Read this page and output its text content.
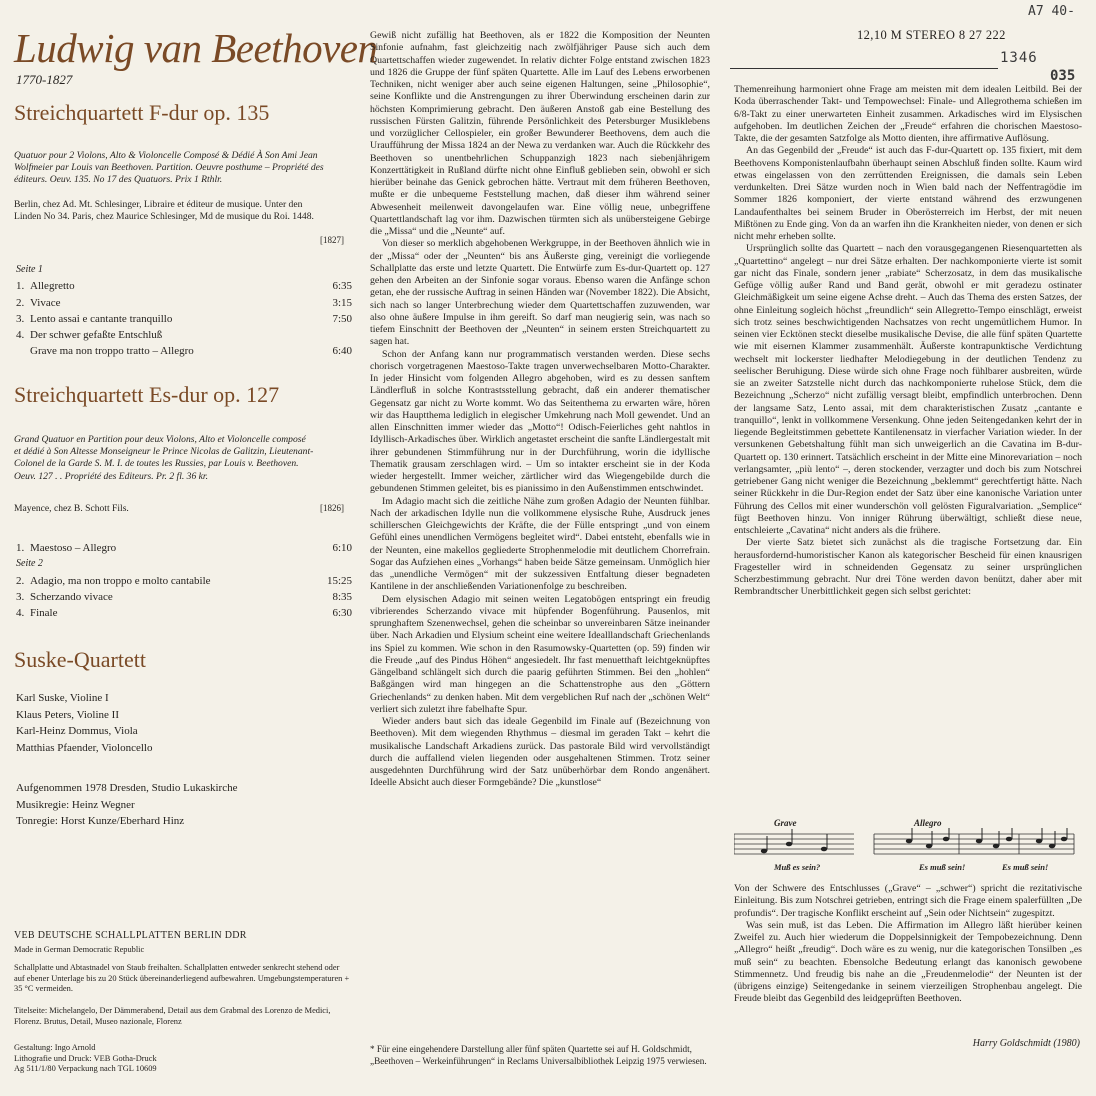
Ludwig van Beethoven
1770-1827
Streichquartett F-dur op. 135
Quatuor pour 2 Violons, Alto & Violoncelle Composé & Dédié À Son Ami Jean Wolfmeier par Louis van Beethoven. Partition. Oeuvre posthume – Propriété des éditeurs. Oeuv. 135. No 17 des Quatuors. Prix 1 Rthlr.
Berlin, chez Ad. Mt. Schlesinger, Libraire et éditeur de musique. Unter den Linden No 34. Paris, chez Maurice Schlesinger, Md de musique du Roi. 1448.
[1827]
Seite 1
1. Allegretto	6:35
2. Vivace	3:15
3. Lento assai e cantante tranquillo	7:50
4. Der schwer gefaßte Entschluß
Grave ma non troppo tratto – Allegro	6:40
Streichquartett Es-dur op. 127
Grand Quatuor en Partition pour deux Violons, Alto et Violoncelle composé et dédié à Son Altesse Monseigneur le Prince Nicolas de Galitzin, Lieutenant-Colonel de la Garde S. M. I. de toutes les Russies, par Louis v. Beethoven. Oeuv. 127 . . Propriété des Editeurs. Pr. 2 fl. 36 kr.
Mayence, chez B. Schott Fils.	[1826]
1. Maestoso – Allegro	6:10
Seite 2
2. Adagio, ma non troppo e molto cantabile	15:25
3. Scherzando vivace	8:35
4. Finale	6:30
Suske-Quartett
Karl Suske, Violine I
Klaus Peters, Violine II
Karl-Heinz Dommus, Viola
Matthias Pfaender, Violoncello
Aufgenommen 1978 Dresden, Studio Lukaskirche
Musikregie: Heinz Wegner
Tonregie: Horst Kunze/Eberhard Hinz
VEB DEUTSCHE SCHALLPLATTEN BERLIN DDR
Made in German Democratic Republic
Schallplatte und Abtastnadel von Staub freihalten. Schallplatten entweder senkrecht stehend oder auf ebener Unterlage bis zu 20 Stück übereinanderliegend aufbewahren. Umgebungstemperaturen + 35 °C vermeiden.
Titelseite: Michelangelo, Der Dämmerabend, Detail aus dem Grabmal des Lorenzo de Medici, Florenz. Brutus, Detail, Museo nazionale, Florenz
Gestaltung: Ingo Arnold
Lithografie und Druck: VEB Gotha-Druck
Ag 511/1/80 Verpackung nach TGL 10609

Gewiß nicht zufällig hat Beethoven, als er 1822 die Komposition der Neunten Sinfonie aufnahm, fast gleichzeitig nach zwölfjähriger Pause sich auch dem Quartettschaffen wieder zugewendet. In relativ dichter Folge entstand zwischen 1823 und 1826 die Gruppe der fünf späten Quartette. Alle im Lauf des Lebens erworbenen Techniken, nicht weniger aber auch seine eigenen Haltungen, seine „Philosophie“, seine Konflikte und die Anstrengungen zu ihrer Überwindung erscheinen darin zur höchsten Komprimierung gebracht. Den äußeren Anstoß gab eine Bestellung des russischen Fürsten Galitzin, führende Persönlichkeit des Petersburger Musiklebens und vorzüglicher Cellospieler, ein großer Bewunderer Beethovens, dem auch die Uraufführung der Missa 1824 an der Newa zu verdanken war. Auch die Rückkehr des Beethoven so unentbehrlichen Schuppanzigh 1823 nach siebenjährigem Konzerttätigkeit in Rußland dürfte nicht ohne Einfluß geblieben sein, obwohl er sich hierüber beinahe das Genick gebrochen hätte. Vertraut mit dem früheren Beethoven, mußte er die unbequeme Feststellung machen, daß dieser ihm während seiner Abwesenheit meilenweit davongelaufen war. Eine völlig neue, unbegriffene Quartettlandschaft lag vor ihm. Dazwischen türmten sich als unübersteigene Gebirge die „Missa“ und die „Neunte“ auf.

Von dieser so merklich abgehobenen Werkgruppe, in der Beethoven ähnlich wie in der „Missa“ oder der „Neunten“ bis ans Äußerste ging, vereinigt die vorliegende Schallplatte das erste und letzte Quartett. Die Entwürfe zum Es-dur-Quartett op. 127 gehen den Arbeiten an der Sinfonie sogar voraus. Ebenso waren die Anfänge schon getan, ehe der russische Auftrag in seinen Händen war (November 1822). Die Absicht, sich nach so langer Unterbrechung wieder dem Quartettschaffen zuzuwenden, war also ohne äußere Impulse in ihm gereift. So darf man neugierig sein, was nach so tiefem Einschnitt der Beethoven der „Neunten“ in seinem ersten Streichquartett zu sagen hat.

Schon der Anfang kann nur programmatisch verstanden werden. Diese sechs chorisch vorgetragenen Maestoso-Takte tragen unverwechselbaren Motto-Charakter. In jeder Hinsicht vom folgenden Allegro abgehoben, wird es zu dessen sanftem Ländlerfluß in solche Kontrastsstellung gebracht, daß ein anderer thematischer Gegensatz gar nicht zu Worte kommt. Wo das Seitenthema zu erwarten wäre, hören wir das Hauptthema lediglich in elegischer Umkehrung nach Moll gewendet. Und an allen Einschnitten immer wieder das „Motto“! Odisch-Feierliches geht nahtlos in Idyllisch-Arkadisches über. Wirklich angetastet erscheint die sanfte Ländlergestalt mit ihrer gebundenen Stimmführung nur in der Durchführung, worin die idyllische Thematik grausam zerschlagen wird. – Um so intakter erscheint sie in der Koda wieder hergestellt. Immer weicher, zärtlicher wird das Wiegengebilde durch die gebundenen Stimmen geleitet, bis es pianissimo in den Außenstimmen entschwindet.

Im Adagio macht sich die zeitliche Nähe zum großen Adagio der Neunten fühlbar. Nach der arkadischen Idylle nun die vollkommene elysische Ruhe, Ausdruck jenes schillerschen Gleichgewichts der Kräfte, die der Fülle entspringt „und von einem Gefühl eines unendlichen Vermögens begleitet wird“. Dabei entsteht, ebenfalls wie in der Neunten, eine makellos gegliederte Strophenmelodie mit deutlichem Chorrefrain. Sogar das Aufziehen eines „Vorhangs“ haben beide Sätze gemeinsam. Unmöglich hier das „unendliche Vermögen“ mit der sukzessiven Entfaltung dieser begnadeten Kantilene in der anschließenden Variationenfolge zu beschreiben.

Dem elysischen Adagio mit seinen weiten Legatobögen entspringt ein freudig vibrierendes Scherzando vivace mit hüpfender Bogenführung. Pausenlos, mit sprunghaftem Szenenwechsel, gehen die scheinbar so unvereinbaren Sätze ineinander über. Nach Arkadien und Elysium scheint eine weitere Idealllandschaft Griechenlands ins Spiel zu kommen. Wie schon in den Rasumowsky-Quartetten (op. 59) finden wir die Freude „auf des Pindus Höhen“ angesiedelt. Ihr fast menuetthaft leichtgeknüpftes Gängelband schlängelt sich durch die paarig geführten Stimmen. Bei den „hohlen“ Baßgängen wird man hingegen an die Schattenstrophe aus den „Göttern Griechenlands“ zu denken haben. Mit dem vergeblichen Ruf nach der „schönen Welt“ verliert sich zuletzt ihre fabelhafte Spur.

Wieder anders baut sich das ideale Gegenbild im Finale auf (Bezeichnung von Beethoven). Mit dem wiegenden Rhythmus – diesmal im geraden Takt – kehrt die musikalische Landschaft Arkadiens zurück. Das pastorale Bild wird vervollständigt durch die auffallend vielen liegenden oder ausgehaltenen Stimmen. Trotz seiner ausgedehnten Durchführung wird der Satz unüberhörbar dem Rondo angenähert. Ideelle Absicht auch dieser Formgebände? Die „kunstlose“

* Für eine eingehendere Darstellung aller fünf späten Quartette sei auf H. Goldschmidt, „Beethoven – Werkeinführungen“ in Reclams Universalbibliothek Leipzig 1975 verwiesen.
12,10 M STEREO 8 27 222
A7 40-
1346
035

Themenreihung harmoniert ohne Frage am meisten mit dem idealen Leitbild. Bei der Koda überraschender Takt- und Tempowechsel: Finale- und Allegrothema schießen im 6/8-Takt zu einer unerwarteten Einheit zusammen. Arkadisches wird im Elysischen aufgehoben. Im deutlichen Zeichen der „Freude“ erfahren die chorischen Maestoso-Takte, die der gesamten Satzfolge als Motto dienten, ihre affirmative Auflösung.

An das Gegenbild der „Freude“ ist auch das F-dur-Quartett op. 135 fixiert, mit dem Beethovens Komponistenlaufbahn überhaupt seinen Abschluß finden sollte. Kaum wird etwas eingelassen von den zerrüttenden Ereignissen, die damals sein Leben verdunkelten. Drei Sätze wurden noch in Wien bald nach der Neffentragödie im Sommer 1826 komponiert, der vierte entstand während des erzwungenen Landaufenthaltes bei seinem Bruder in Oberösterreich im Herbst, der mit neuen Mißtönen zu Ende ging. Von da an warfen ihn die Krankheiten nieder, von denen er sich nicht mehr erheben sollte.

Ursprünglich sollte das Quartett – nach den vorausgegangenen Riesenquartetten als „Quartettino“ angelegt – nur drei Sätze erhalten. Der nachkomponierte vierte ist somit gar nicht das Finale, sondern jener „rabiate“ Scherzosatz, in dem das musikalische Gefüge völlig außer Rand und Band gerät, obwohl er mit geradezu ostinater Gleichmäßigkeit um seine eigene Achse dreht. – Auch das Thema des ersten Satzes, der ohne Einleitung sogleich höchst „freundlich“ sein Allegretto-Tempo einschlägt, erweist sich trotz seines beschwichtigenden Nachsatzes von recht ungemütlichem Humor. In seinen vier Ecktönen steckt dieselbe musikalische Devise, die alle fünf späten Quartette wie mit eisernen Klammer zusammenhält. Äußerste kontrapunktische Verdichtung wechselt mit lockerster liedhafter Melodiegebung in der deutlichen Tendenz zu seelischer Beruhigung. Diese würde sich ohne Frage noch fühlbarer ausbreiten, würde sie an zweiter Satzstelle nicht durch das nachkomponierte ruhelose Stück, dem die Bezeichnung „Scherzo“ nicht zufällig versagt bleibt, empfindlich unterbrochen. Denn der langsame Satz, Lento assai, mit dem charakteristischen Zusatz „cantante e tranquillo“, lenkt in vollkommene Versenkung. Ohne jeden Seitengedanken kehrt der in liegende Begleitstimmen gebettete Kantilenensatz in vierfacher Variation wieder. In der versunkenen Gebetshaltung fühlt man sich unweigerlich an die Cavatina im B-dur-Quartett op. 130 erinnert. Tatsächlich erscheint in der Mitte eine Minorevariation – noch verlangsamter, „più lento“ –, deren stockender, verzagter und doch bis zum Notschrei getriebener Gang nicht weniger die Bezeichnung „beklemmt“ gerechtfertigt hätte. Nach seiner Rückkehr in die Dur-Region endet der Satz über eine kanonische Variation unter Führung des Cellos mit einer wunderschön voll gelösten Figuralvariation. „Semplice“ fügt Beethoven hinzu. Von inniger Rührung überwältigt, schließt diese neue, entschleierte „Cavatina“ nicht anders als die frühere.

Der vierte Satz bietet sich zunächst als die tragische Fortsetzung dar. Ein herausfordernd-humoristischer Kanon als kategorischer Bescheid für einen knausrigen Fragesteller wird in schneidenden Gegensatz zu seiner ursprünglichen Scherzbestimmung gebracht. Nur drei Töne werden davon benützt, daher aber mit Rembrandtscher Unerbittlichkeit gegen sich selbst gerichtet:

Grave	Allegro
Muß es sein?	Es muß sein!	Es muß sein!

Von der Schwere des Entschlusses („Grave“ – „schwer“) spricht die rezitativische Einleitung. Bis zum Notschrei getrieben, entringt sich die Frage einem spalerfüllten „De profundis“. Der tragische Konflikt erscheint auf „Sein oder Nichtsein“ zugespitzt.

Was sein muß, ist das Leben. Die Affirmation im Allegro läßt hierüber keinen Zweifel zu. Auch hier wiederum die Doppelsinnigkeit der Tempobezeichnung. Denn „Allegro“ heißt „freudig“. Doch wäre es zu wenig, nur die kategorischen Tonsilben „es muß sein“ zu beachten. Ebensolche Bedeutung erlangt das kanonisch gewobene Stimmennetz. Und freudig bis nahe an die „Freudenmelodie“ der Neunten ist der (übrigens einzige) Seitengedanke in seinem vierzeiligen Strophenbau angelegt. Die Freude bleibt das Gegenbild des leidgeprüften Beethoven.

Harry Goldschmidt (1980)
